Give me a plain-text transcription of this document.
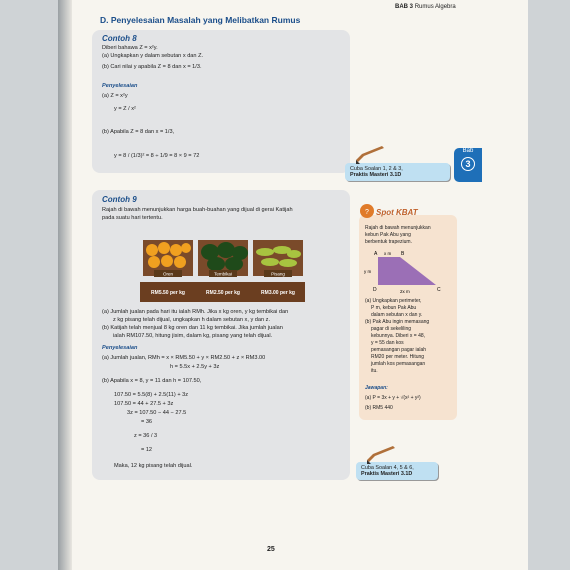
BAB 3 Rumus Algebra
D. Penyelesaian Masalah yang Melibatkan Rumus
Contoh 8
Diberi bahawa Z = x²y.
(a) Ungkapkan y dalam sebutan x dan Z.
(b) Cari nilai y apabila Z = 8 dan x = 1/3.
Penyelesaian
(a) Z = x²y
y = Z / x²
(b) Apabila Z = 8 dan x = 1/3,
y = 8 / (1/3)² = 8 ÷ 1/9 = 8 × 9 = 72
Cuba Soalan 1, 2 & 3,
Praktis Masteri 3.1D
Bab
3
Contoh 9
Rajah di bawah menunjukkan harga buah-buahan yang dijual di gerai Katijah
pada suatu hari tertentu.
Oren	Tembikai	Pisang
RM5.50 per kg	RM2.50 per kg	RM3.00 per kg
(a) Jumlah jualan pada hari itu ialah RMh. Jika x kg oren, y kg tembikai dan
z kg pisang telah dijual, ungkapkan h dalam sebutan x, y dan z.
(b) Katijah telah menjual 8 kg oren dan 11 kg tembikai. Jika jumlah jualan
ialah RM107.50, hitung jisim, dalam kg, pisang yang telah dijual.
Penyelesaian
(a) Jumlah jualan, RMh = x × RM5.50 + y × RM2.50 + z × RM3.00
h = 5.5x + 2.5y + 3z
(b) Apabila x = 8, y = 11 dan h = 107.50,
107.50 = 5.5(8) + 2.5(11) + 3z
107.50 = 44 + 27.5 + 3z
3z = 107.50 − 44 − 27.5
= 36
z = 36 / 3
= 12
Maka, 12 kg pisang telah dijual.
? Spot KBAT
Rajah di bawah menunjukkan
kebun Pak Abu yang
berbentuk trapezium.
A	B
C
D
x m
y m
2x m
(a) Ungkapkan perimeter,
P m, kebun Pak Abu
dalam sebutan x dan y.
(b) Pak Abu ingin memasang
pagar di sekeliling
kebunnya. Diberi x = 48,
y = 55 dan kos
pemasangan pagar ialah
RM20 per meter. Hitung
jumlah kos pemasangan
itu.
Jawapan:
(a) P = 3x + y + √(x² + y²)
(b) RM5 440
Cuba Soalan 4, 5 & 6,
Praktis Masteri 3.1D
25
